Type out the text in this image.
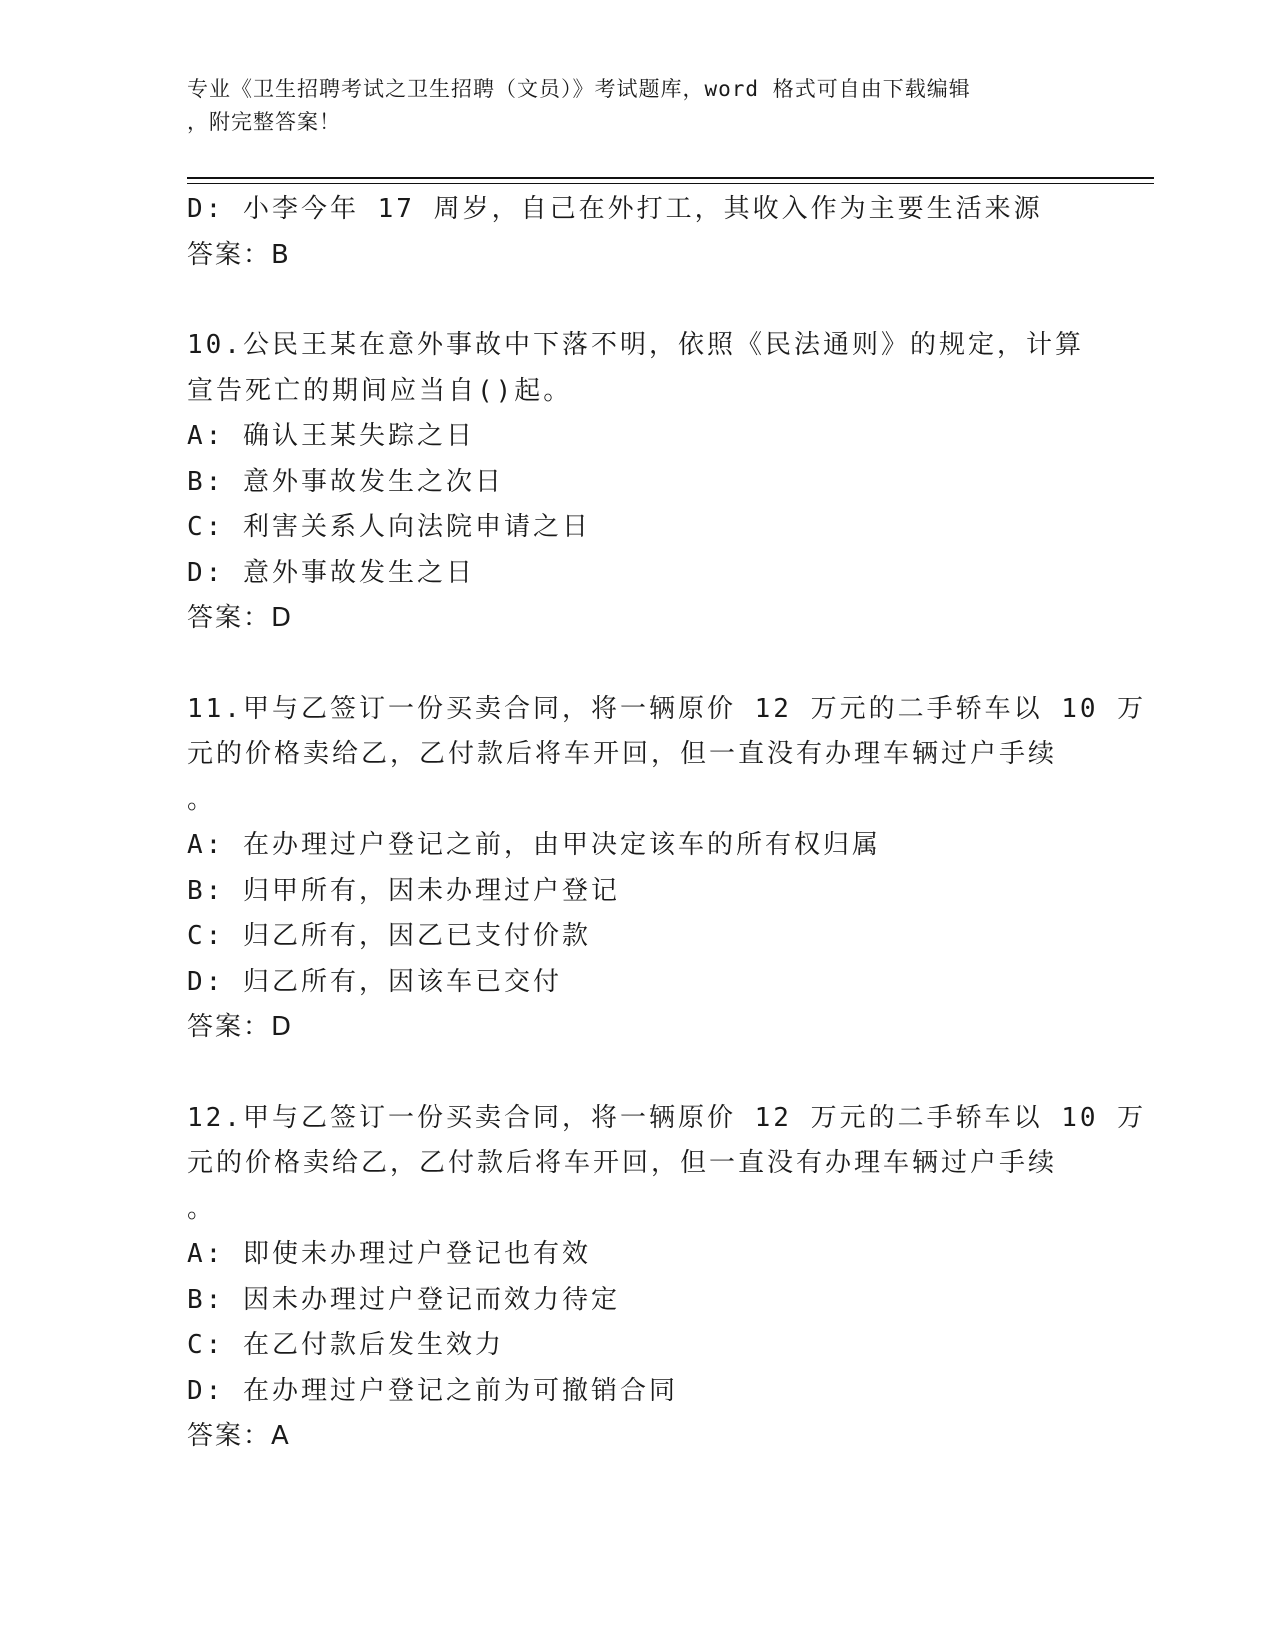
专业《卫生招聘考试之卫生招聘（文员）》考试题库，word 格式可自由下载编辑
，附完整答案！
D: 小李今年 17 周岁，自己在外打工，其收入作为主要生活来源
答案：B
10.公民王某在意外事故中下落不明，依照《民法通则》的规定，计算
宣告死亡的期间应当自()起。
A: 确认王某失踪之日
B: 意外事故发生之次日
C: 利害关系人向法院申请之日
D: 意外事故发生之日
答案：D
11.甲与乙签订一份买卖合同，将一辆原价 12 万元的二手轿车以 10 万
元的价格卖给乙，乙付款后将车开回，但一直没有办理车辆过户手续
。
A: 在办理过户登记之前，由甲决定该车的所有权归属
B: 归甲所有，因未办理过户登记
C: 归乙所有，因乙已支付价款
D: 归乙所有，因该车已交付
答案：D
12.甲与乙签订一份买卖合同，将一辆原价 12 万元的二手轿车以 10 万
元的价格卖给乙，乙付款后将车开回，但一直没有办理车辆过户手续
。
A: 即使未办理过户登记也有效
B: 因未办理过户登记而效力待定
C: 在乙付款后发生效力
D: 在办理过户登记之前为可撤销合同
答案：A
